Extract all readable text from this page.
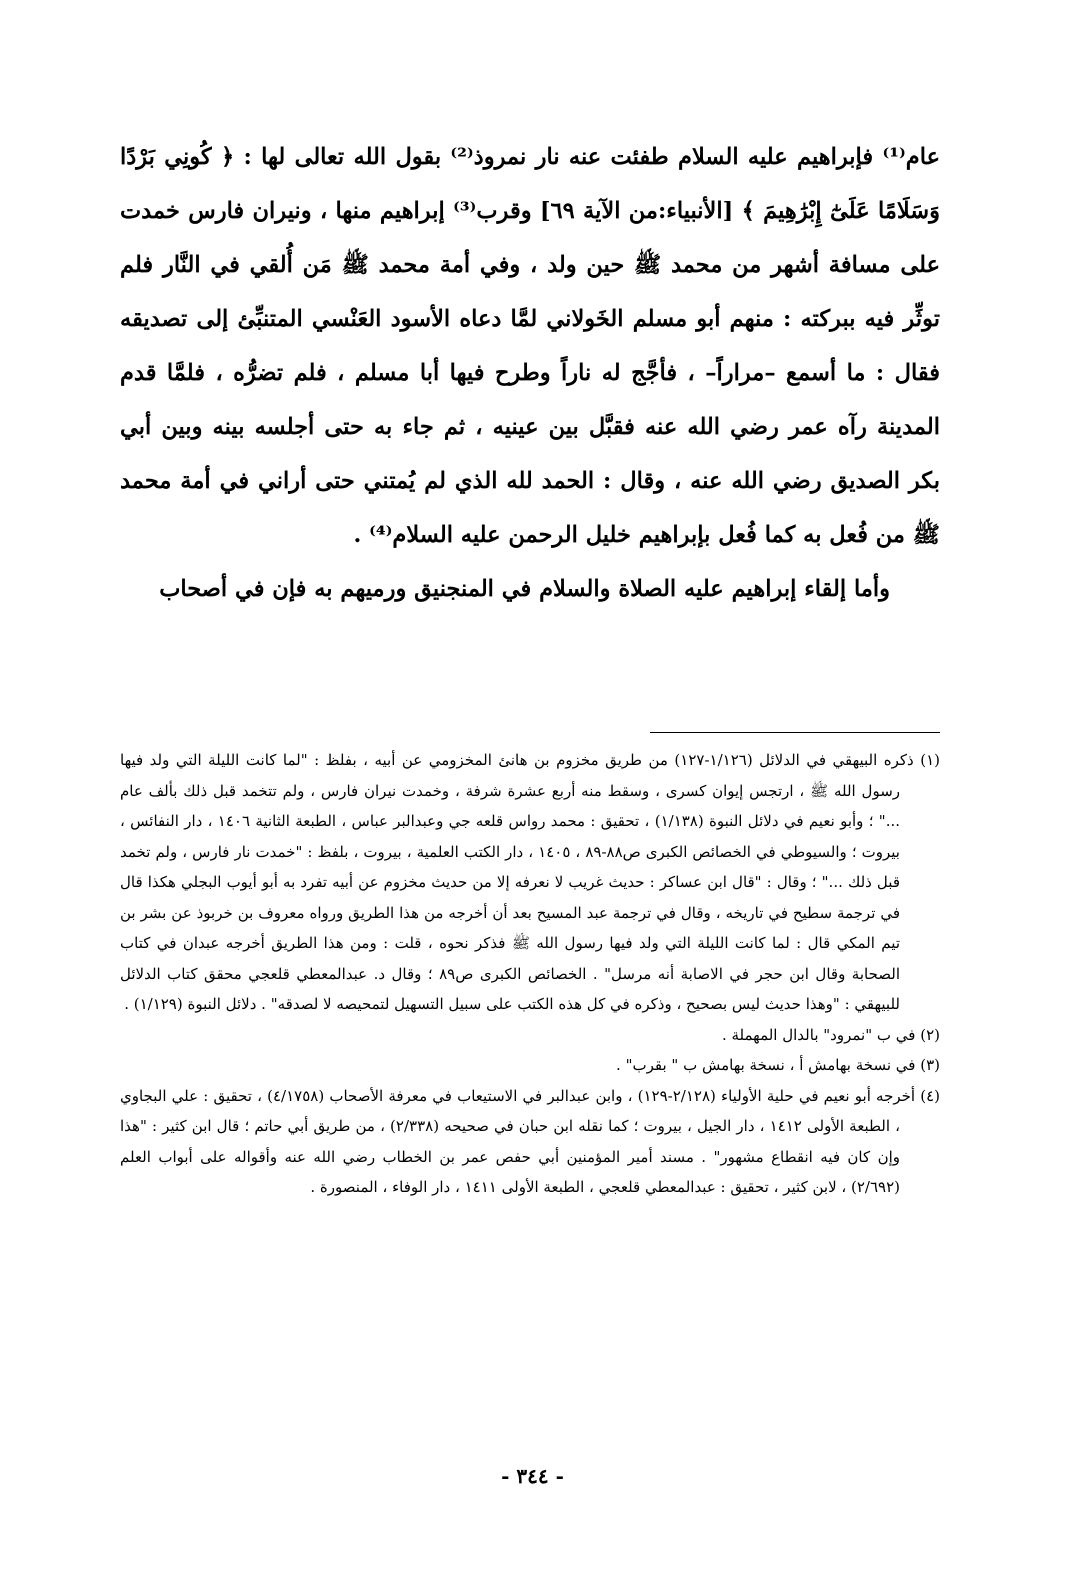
عام⁽¹⁾ فإبراهيم عليه السلام طفئت عنه نار نمروذ⁽²⁾ بقول الله تعالى لها : ﴿ كُونِي بَرْدًا وَسَلَامًا عَلَىٰٓ إِبْرَٰهِيمَ ﴾ [الأنبياء:من الآية ٦٩] وقرب⁽³⁾ إبراهيم منها ، ونيران فارس خمدت على مسافة أشهر من محمد ﷺ حين ولد ، وفي أمة محمد ﷺ مَن أُلقي في النَّار فلم توثِّر فيه ببركته : منهم أبو مسلم الخَولاني لمَّا دعاه الأسود العَنْسي المتنبِّئ إلى تصديقه فقال : ما أسمع –مراراً– ، فأجَّج له ناراً وطرح فيها أبا مسلم ، فلم تضرُّه ، فلمَّا قدم المدينة رآه عمر رضي الله عنه فقبَّل بين عينيه ، ثم جاء به حتى أجلسه بينه وبين أبي بكر الصديق رضي الله عنه ، وقال : الحمد لله الذي لم يُمتني حتى أراني في أمة محمد ﷺ من فُعل به كما فُعل بإبراهيم خليل الرحمن عليه السلام⁽⁴⁾ .

وأما إلقاء إبراهيم عليه الصلاة والسلام في المنجنيق ورميهم به فإن في أصحاب

(١) ذكره البيهقي في الدلائل (١/١٢٦-١٢٧) من طريق مخزوم بن هانئ المخزومي عن أبيه ، بفلظ : "لما كانت الليلة التي ولد فيها رسول الله ﷺ ، ارتجس إيوان كسرى ، وسقط منه أربع عشرة شرفة ، وخمدت نيران فارس ، ولم تتخمد قبل ذلك بألف عام ..." ؛ وأبو نعيم في دلائل النبوة (١/١٣٨) ، تحقيق : محمد رواس قلعه جي وعبدالبر عباس ، الطبعة الثانية ١٤٠٦ ، دار النفائس ، بيروت ؛ والسيوطي في الخصائص الكبرى ص٨٨-٨٩ ، ١٤٠٥ ، دار الكتب العلمية ، بيروت ، بلفظ : "خمدت نار فارس ، ولم تخمد قبل ذلك ..." ؛ وقال : "قال ابن عساكر : حديث غريب لا نعرفه إلا من حديث مخزوم عن أبيه تفرد به أبو أيوب البجلي هكذا قال في ترجمة سطيح في تاريخه ، وقال في ترجمة عبد المسيح بعد أن أخرجه من هذا الطريق ورواه معروف بن خربوذ عن بشر بن تيم المكي قال : لما كانت الليلة التي ولد فيها رسول الله ﷺ فذكر نحوه ، قلت : ومن هذا الطريق أخرجه عبدان في كتاب الصحابة وقال ابن حجر في الاصابة أنه مرسل" . الخصائص الكبرى ص٨٩ ؛ وقال د. عبدالمعطي قلعجي محقق كتاب الدلائل للبيهقي : "وهذا حديث ليس بصحيح ، وذكره في كل هذه الكتب على سبيل التسهيل لتمحيصه لا لصدقه" . دلائل النبوة (١/١٢٩) .

(٢) في ب "نمرود" بالدال المهملة .

(٣) في نسخة بهامش أ ، نسخة بهامش ب " بقرب" .

(٤) أخرجه أبو نعيم في حلية الأولياء (٢/١٢٨-١٢٩) ، وابن عبدالبر في الاستيعاب في معرفة الأصحاب (٤/١٧٥٨) ، تحقيق : علي البجاوي ، الطبعة الأولى ١٤١٢ ، دار الجيل ، بيروت ؛ كما نقله ابن حبان في صحيحه (٢/٣٣٨) ، من طريق أبي حاتم ؛ قال ابن كثير : "هذا وإن كان فيه انقطاع مشهور" . مسند أمير المؤمنين أبي حفص عمر بن الخطاب رضي الله عنه وأقواله على أبواب العلم (٢/٦٩٢) ، لابن كثير ، تحقيق : عبدالمعطي قلعجي ، الطبعة الأولى ١٤١١ ، دار الوفاء ، المنصورة .

- ٣٤٤ -
